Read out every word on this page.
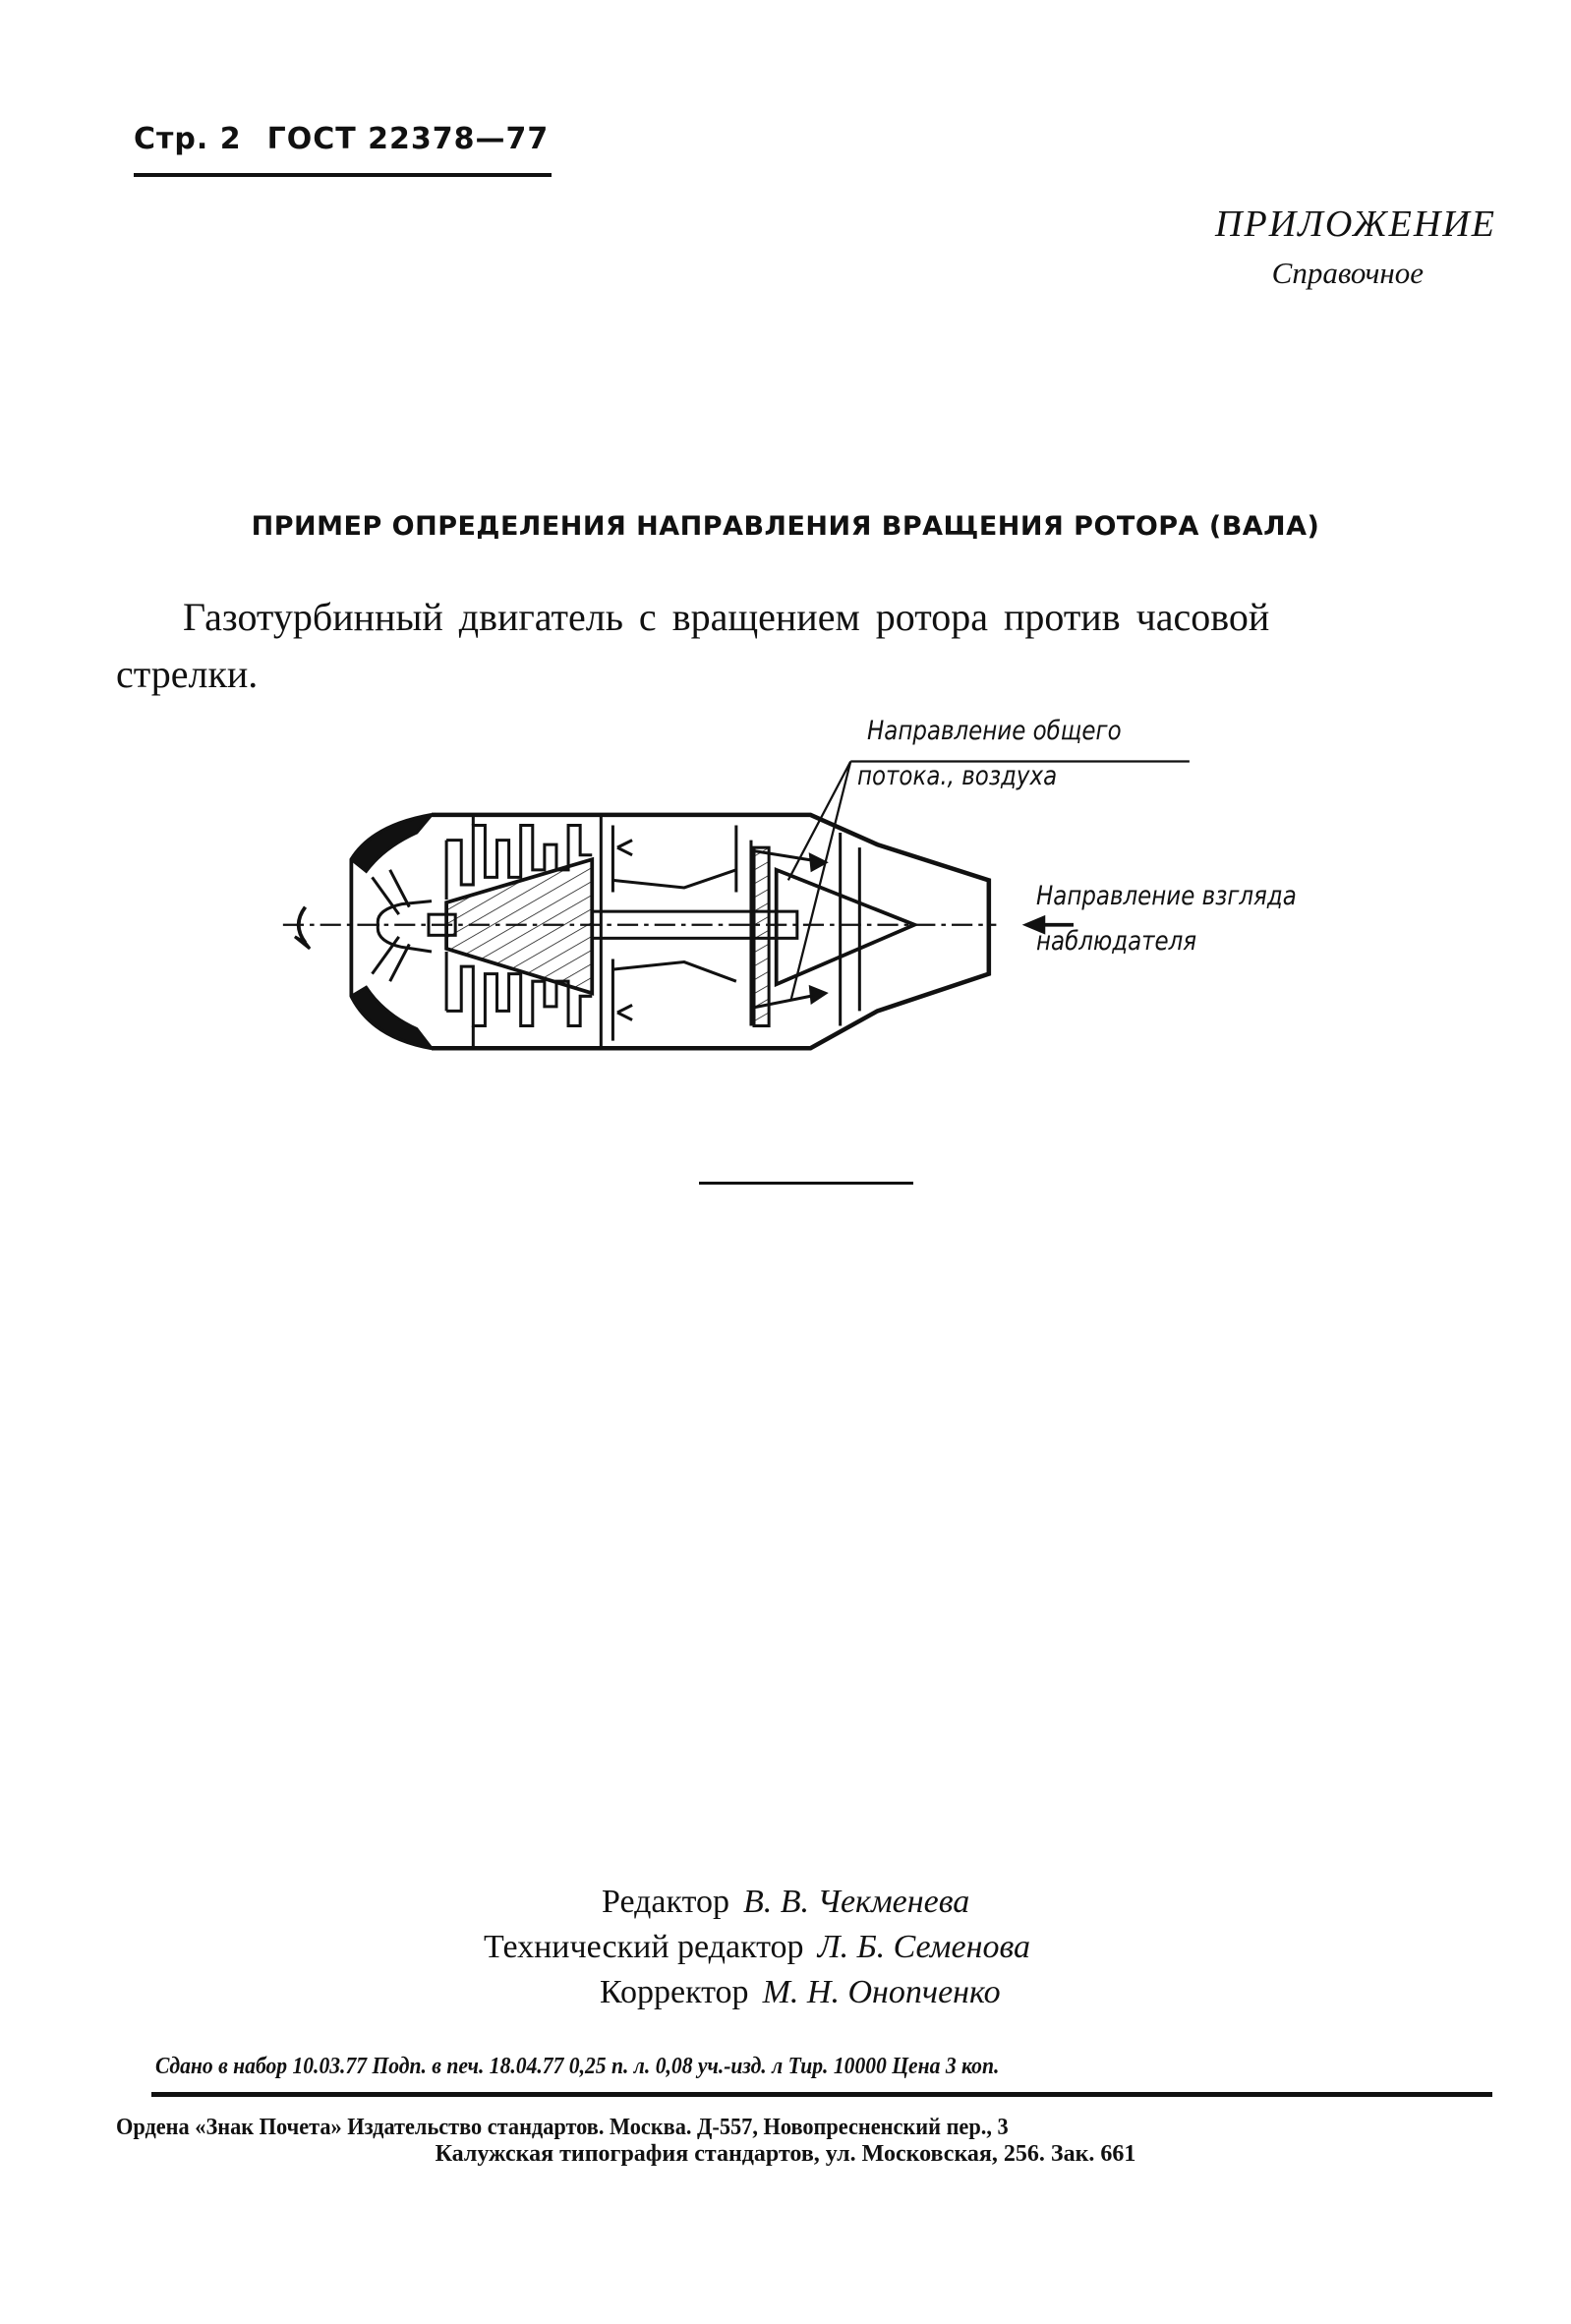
Стр. 2 ГОСТ 22378—77
ПРИЛОЖЕНИЕ
Справочное
ПРИМЕР ОПРЕДЕЛЕНИЯ НАПРАВЛЕНИЯ ВРАЩЕНИЯ РОТОРА (ВАЛА)
Газотурбинный двигатель с вращением ротора против часовой
стрелки.
Направление общего
потока., воздуха
Направление взгляда
наблюдателя
Редактор В. В. Чекменева
Технический редактор Л. Б. Семенова
Корректор М. Н. Онопченко
Сдано в набор 10.03.77 Подп. в печ. 18.04.77 0,25 п. л. 0,08 уч.-изд. л Тир. 10000 Цена 3 коп.
Ордена «Знак Почета» Издательство стандартов. Москва. Д-557, Новопресненский пер., 3
Калужская типография стандартов, ул. Московская, 256. Зак. 661
